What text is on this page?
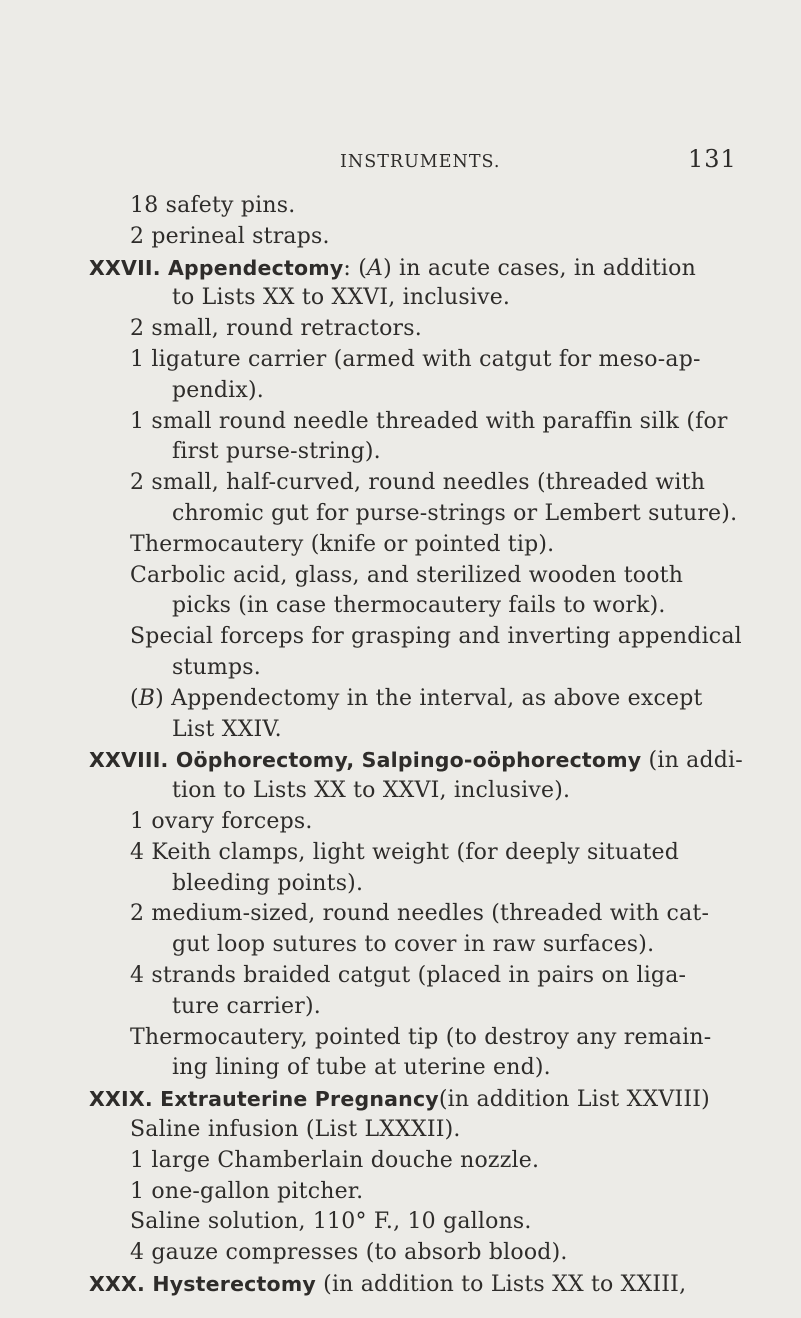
INSTRUMENTS.	131
18 safety pins.
2 perineal straps.
XXVII. Appendectomy: (A) in acute cases, in addition
to Lists XX to XXVI, inclusive.
2 small, round retractors.
1 ligature carrier (armed with catgut for meso-ap-
pendix).
1 small round needle threaded with paraffin silk (for
first purse-string).
2 small, half-curved, round needles (threaded with
chromic gut for purse-strings or Lembert suture).
Thermocautery (knife or pointed tip).
Carbolic acid, glass, and sterilized wooden tooth
picks (in case thermocautery fails to work).
Special forceps for grasping and inverting appendical
stumps.
(B) Appendectomy in the interval, as above except
List XXIV.
XXVIII. Oöphorectomy, Salpingo-oöphorectomy (in addi-
tion to Lists XX to XXVI, inclusive).
1 ovary forceps.
4 Keith clamps, light weight (for deeply situated
bleeding points).
2 medium-sized, round needles (threaded with cat-
gut loop sutures to cover in raw surfaces).
4 strands braided catgut (placed in pairs on liga-
ture carrier).
Thermocautery, pointed tip (to destroy any remain-
ing lining of tube at uterine end).
XXIX. Extrauterine Pregnancy(in addition List XXVIII)
Saline infusion (List LXXXII).
1 large Chamberlain douche nozzle.
1 one-gallon pitcher.
Saline solution, 110° F., 10 gallons.
4 gauze compresses (to absorb blood).
XXX. Hysterectomy (in addition to Lists XX to XXIII,
